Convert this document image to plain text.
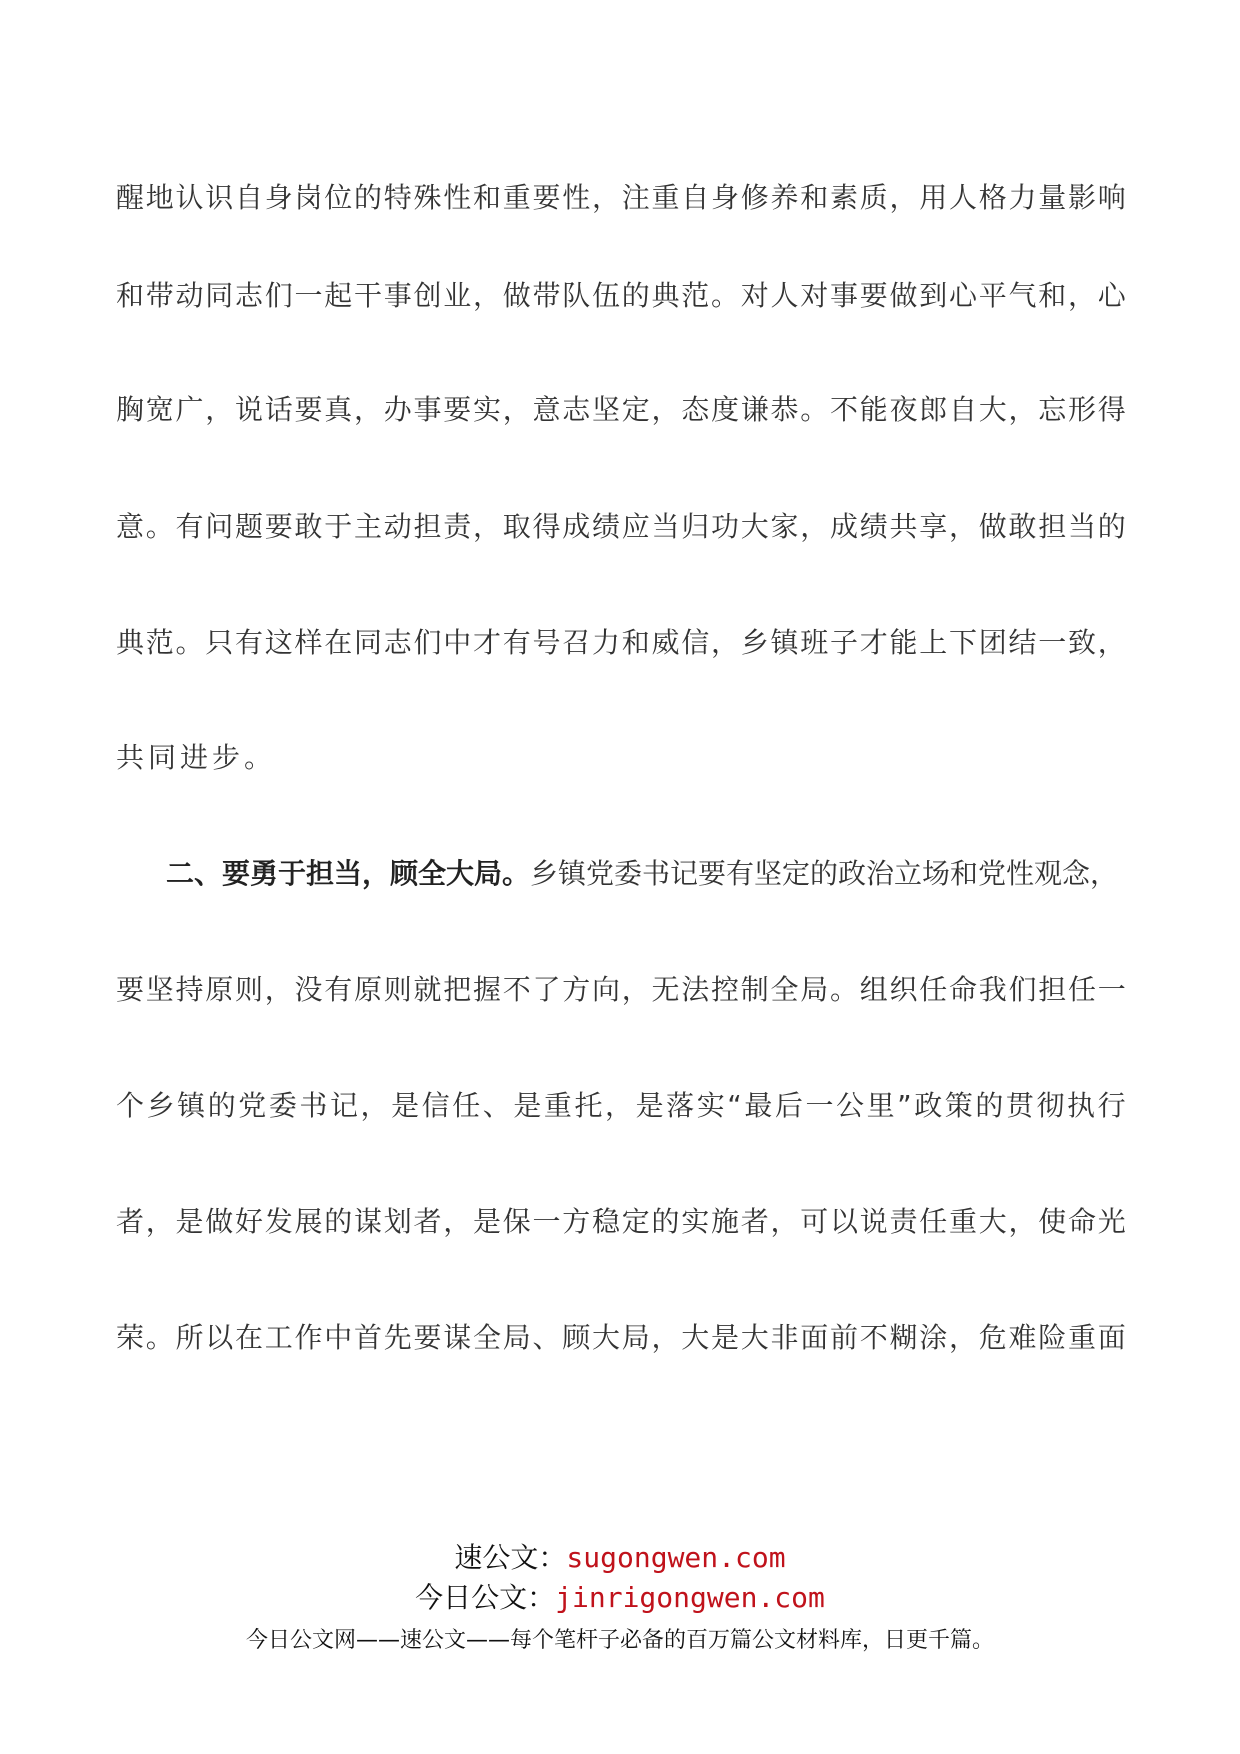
醒 地 认 识 自 身 岗 位 的 特 殊 性 和 重 要 性 ， 注 重 自 身 修 养 和 素 质 ， 用 人 格 力 量 影 响
和 带 动 同 志 们 一 起 干 事 创 业 ， 做 带 队 伍 的 典 范 。 对 人 对 事 要 做 到 心 平 气 和 ， 心
胸 宽 广 ， 说 话 要 真 ， 办 事 要 实 ， 意 志 坚 定 ， 态 度 谦 恭 。 不 能 夜 郎 自 大 ， 忘 形 得
意 。 有 问 题 要 敢 于 主 动 担 责 ， 取 得 成 绩 应 当 归 功 大 家 ， 成 绩 共 享 ， 做 敢 担 当 的
典 范 。 只 有 这 样 在 同 志 们 中 才 有 号 召 力 和 威 信 ， 乡 镇 班 子 才 能 上 下 团 结 一 致 ，
共同进步。
二、要勇于担当，顾全大局。 乡镇党委书记要有坚定的政治立场和党性观念，
要 坚 持 原 则 ， 没 有 原 则 就 把 握 不 了 方 向 ， 无 法 控 制 全 局 。 组 织 任 命 我 们 担 任 一
个 乡 镇 的 党 委 书 记 ， 是 信 任 、 是 重 托 ， 是 落 实 “ 最 后 一 公 里 ” 政 策 的 贯 彻 执 行
者 ， 是 做 好 发 展 的 谋 划 者 ， 是 保 一 方 稳 定 的 实 施 者 ， 可 以 说 责 任 重 大 ， 使 命 光
荣 。 所 以 在 工 作 中 首 先 要 谋 全 局 、 顾 大 局 ， 大 是 大 非 面 前 不 糊 涂 ， 危 难 险 重 面
速公文：sugongwen.com
今日公文：jinrigongwen.com
今日公文网——速公文——每个笔杆子必备的百万篇公文材料库，日更千篇。
